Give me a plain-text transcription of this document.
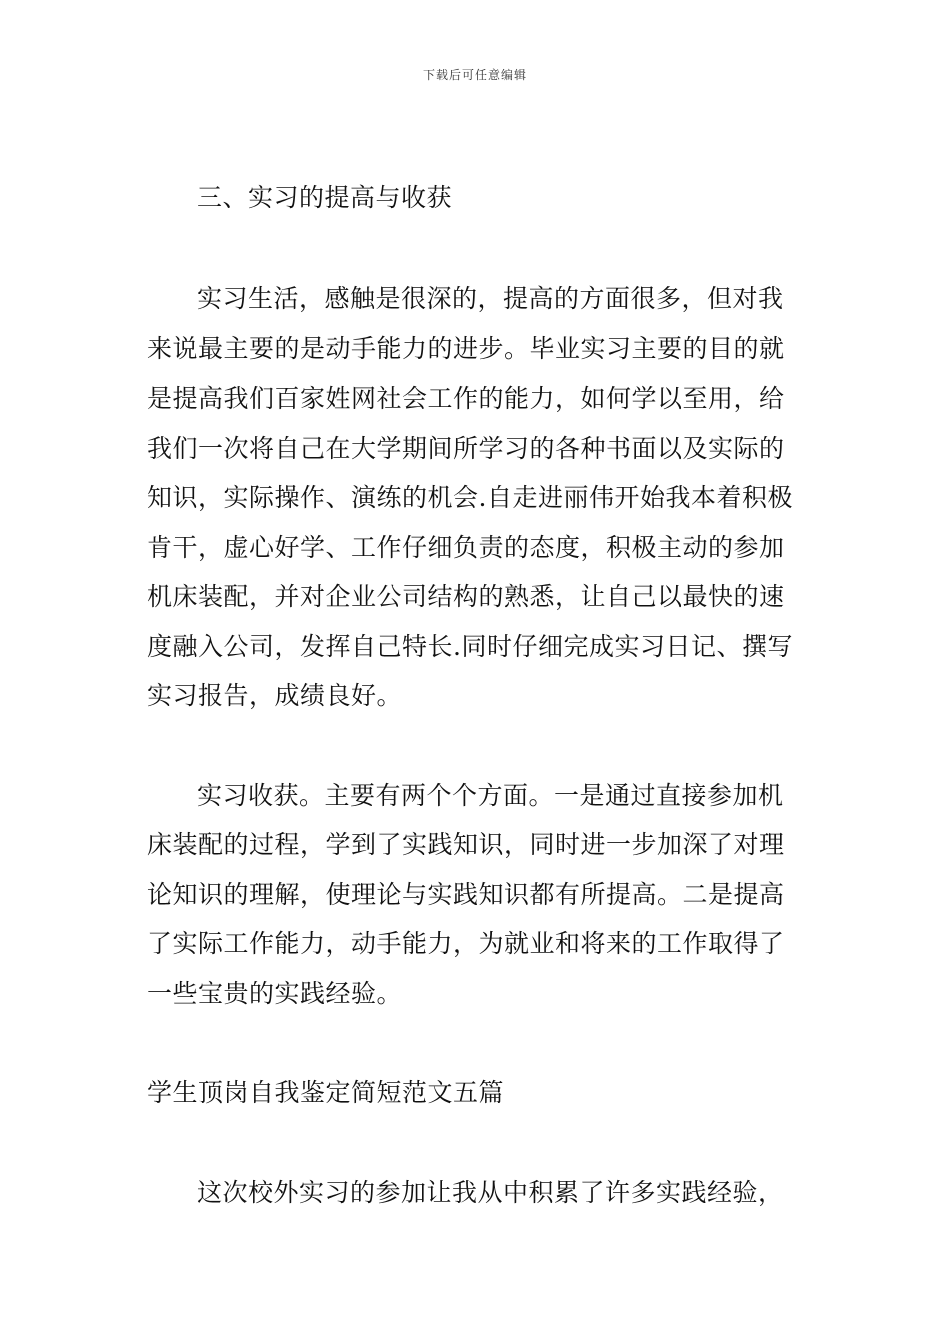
下载后可任意编辑
三、实习的提高与收获
实习生活，感触是很深的，提高的方面很多，但对我
来说最主要的是动手能力的进步。毕业实习主要的目的就
是提高我们百家姓网社会工作的能力，如何学以至用，给
我们一次将自己在大学期间所学习的各种书面以及实际的
知识，实际操作、演练的机会.自走进丽伟开始我本着积极
肯干，虚心好学、工作仔细负责的态度，积极主动的参加
机床装配，并对企业公司结构的熟悉，让自己以最快的速
度融入公司，发挥自己特长.同时仔细完成实习日记、撰写
实习报告，成绩良好。
实习收获。主要有两个个方面。一是通过直接参加机
床装配的过程，学到了实践知识，同时进一步加深了对理
论知识的理解，使理论与实践知识都有所提高。二是提高
了实际工作能力，动手能力，为就业和将来的工作取得了
一些宝贵的实践经验。
学生顶岗自我鉴定简短范文五篇
这次校外实习的参加让我从中积累了许多实践经验，
